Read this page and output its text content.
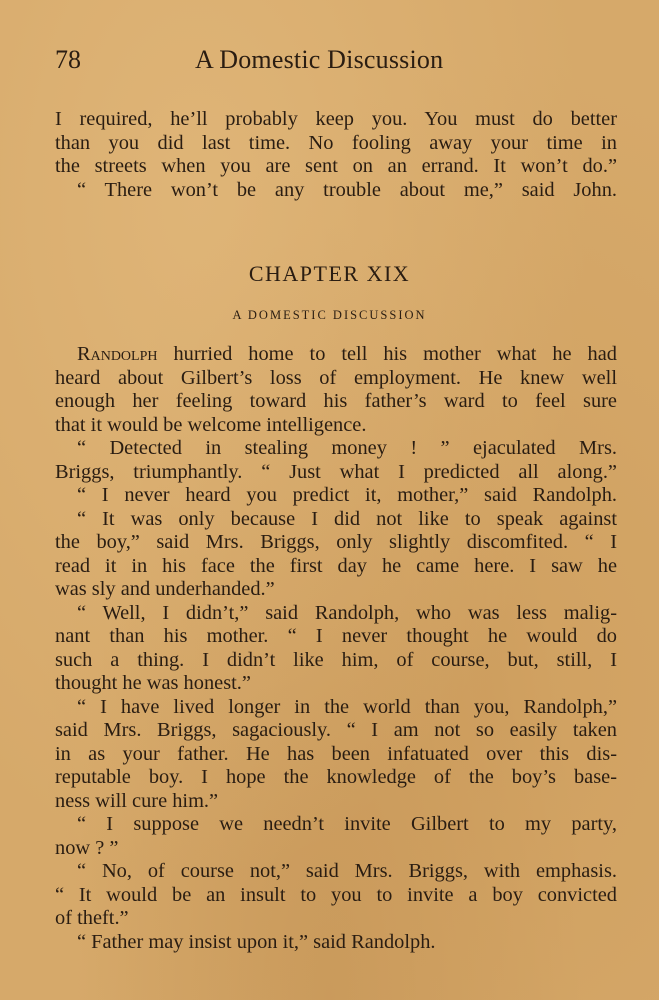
78	A Domestic Discussion
I required, he’ll probably keep you. You must do better
than you did last time. No fooling away your time in
the streets when you are sent on an errand. It won’t do.”
“ There won’t be any trouble about me,” said John.
CHAPTER XIX
A DOMESTIC DISCUSSION
Randolph hurried home to tell his mother what he had
heard about Gilbert’s loss of employment. He knew well
enough her feeling toward his father’s ward to feel sure
that it would be welcome intelligence.
“ Detected in stealing money ! ” ejaculated Mrs.
Briggs, triumphantly. “ Just what I predicted all along.”
“ I never heard you predict it, mother,” said Randolph.
“ It was only because I did not like to speak against
the boy,” said Mrs. Briggs, only slightly discomfited. “ I
read it in his face the first day he came here. I saw he
was sly and underhanded.”
“ Well, I didn’t,” said Randolph, who was less malig-
nant than his mother. “ I never thought he would do
such a thing. I didn’t like him, of course, but, still, I
thought he was honest.”
“ I have lived longer in the world than you, Randolph,”
said Mrs. Briggs, sagaciously. “ I am not so easily taken
in as your father. He has been infatuated over this dis-
reputable boy. I hope the knowledge of the boy’s base-
ness will cure him.”
“ I suppose we needn’t invite Gilbert to my party,
now ? ”
“ No, of course not,” said Mrs. Briggs, with emphasis.
“ It would be an insult to you to invite a boy convicted
of theft.”
“ Father may insist upon it,” said Randolph.
